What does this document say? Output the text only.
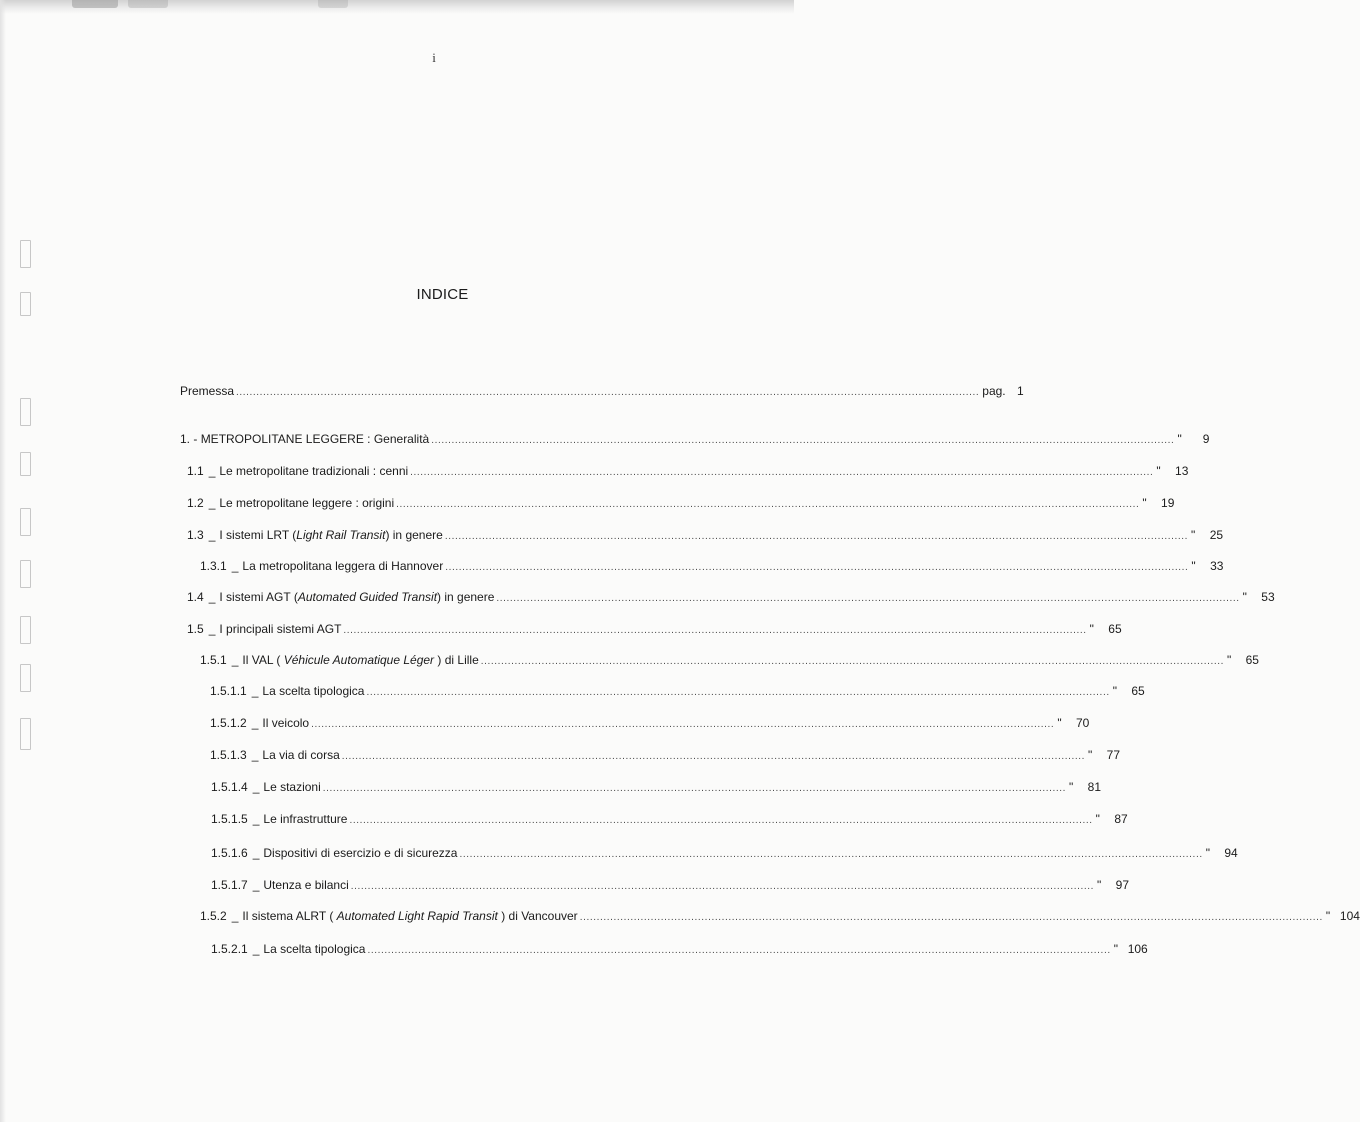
i
INDICE
Premessa ............................................................................................................................................................................................................................ pag. 1
1. -
METROPOLITANE LEGGERE : Generalità ............................................................................................................................................................................................................................ " 9
1.1 _ Le metropolitane tradizionali : cenni ............................................................................................................................................................................................................................ " 13
1.2 _ Le metropolitane leggere : origini ............................................................................................................................................................................................................................ " 19
1.3 _ I sistemi LRT (Light Rail Transit) in genere ............................................................................................................................................................................................................................ " 25
1.3.1 _ La metropolitana leggera di Hannover ............................................................................................................................................................................................................................ " 33
1.4 _ I sistemi AGT (Automated Guided Transit) in genere ............................................................................................................................................................................................................................ " 53
1.5 _ I principali sistemi AGT ............................................................................................................................................................................................................................ " 65
1.5.1 _ Il VAL ( Véhicule Automatique Léger ) di Lille ............................................................................................................................................................................................................................ " 65
1.5.1.1 _ La scelta tipologica ............................................................................................................................................................................................................................ " 65
1.5.1.2 _ Il veicolo ............................................................................................................................................................................................................................ " 70
1.5.1.3 _ La via di corsa ............................................................................................................................................................................................................................ " 77
1.5.1.4 _ Le stazioni ............................................................................................................................................................................................................................ " 81
1.5.1.5 _ Le infrastrutture ............................................................................................................................................................................................................................ " 87
1.5.1.6 _ Dispositivi di esercizio e di sicurezza ............................................................................................................................................................................................................................ " 94
1.5.1.7 _ Utenza e bilanci ............................................................................................................................................................................................................................ " 97
1.5.2 _ Il sistema ALRT ( Automated Light Rapid Transit ) di Vancouver ............................................................................................................................................................................................................................ " 104
1.5.2.1 _ La scelta tipologica ............................................................................................................................................................................................................................ " 106
